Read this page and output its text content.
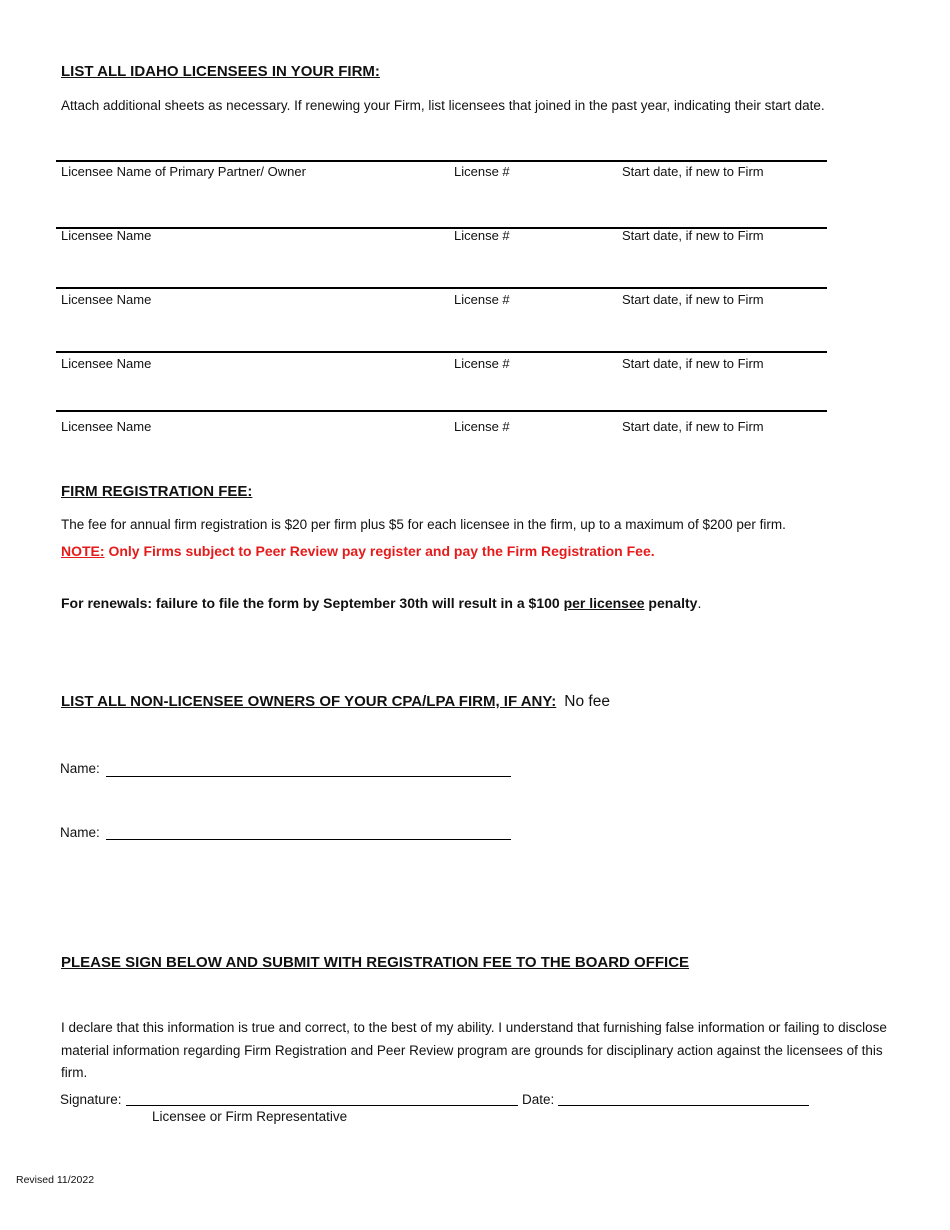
LIST ALL IDAHO LICENSEES IN YOUR FIRM:
Attach additional sheets as necessary. If renewing your Firm, list licensees that joined in the past year, indicating their start date.
Licensee Name of Primary Partner/ Owner	License #	Start date, if new to Firm
Licensee Name	License #	Start date, if new to Firm
Licensee Name	License #	Start date, if new to Firm
Licensee Name	License #	Start date, if new to Firm
Licensee Name	License #	Start date, if new to Firm
FIRM REGISTRATION FEE:
The fee for annual firm registration is $20 per firm plus $5 for each licensee in the firm, up to a maximum of $200 per firm.
NOTE: Only Firms subject to Peer Review pay register and pay the Firm Registration Fee.
For renewals: failure to file the form by September 30th will result in a $100 per licensee penalty.
LIST ALL NON-LICENSEE OWNERS OF YOUR CPA/LPA FIRM, IF ANY: No fee
Name:
Name:
PLEASE SIGN BELOW AND SUBMIT WITH REGISTRATION FEE TO THE BOARD OFFICE
I declare that this information is true and correct, to the best of my ability. I understand that furnishing false information or failing to disclose material information regarding Firm Registration and Peer Review program are grounds for disciplinary action against the licensees of this firm.
Signature:	Date:
Licensee or Firm Representative
Revised 11/2022
